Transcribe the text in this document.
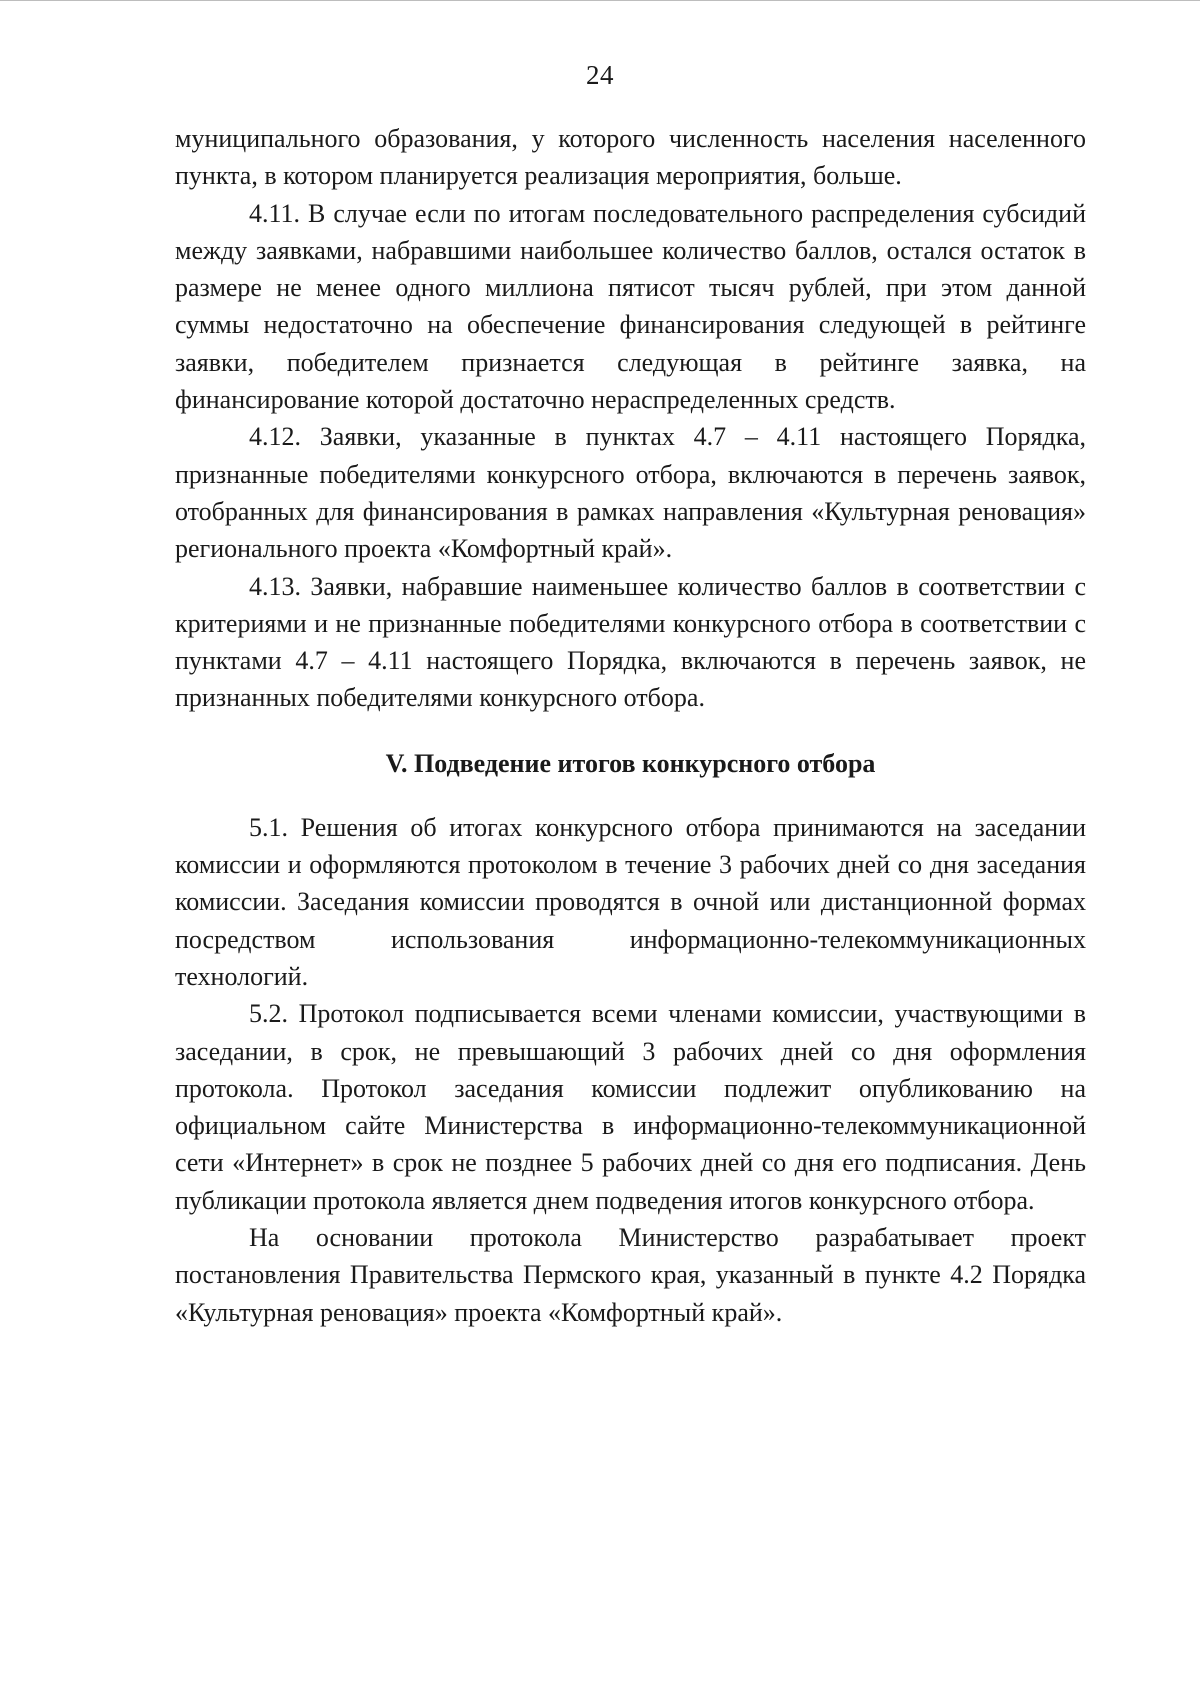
24

муниципального образования, у которого численность населения населенного пункта, в котором планируется реализация мероприятия, больше.

4.11. В случае если по итогам последовательного распределения субсидий между заявками, набравшими наибольшее количество баллов, остался остаток в размере не менее одного миллиона пятисот тысяч рублей, при этом данной суммы недостаточно на обеспечение финансирования следующей в рейтинге заявки, победителем признается следующая в рейтинге заявка, на финансирование которой достаточно нераспределенных средств.

4.12. Заявки, указанные в пунктах 4.7 – 4.11 настоящего Порядка, признанные победителями конкурсного отбора, включаются в перечень заявок, отобранных для финансирования в рамках направления «Культурная реновация» регионального проекта «Комфортный край».

4.13. Заявки, набравшие наименьшее количество баллов в соответствии с критериями и не признанные победителями конкурсного отбора в соответствии с пунктами 4.7 – 4.11 настоящего Порядка, включаются в перечень заявок, не признанных победителями конкурсного отбора.

V. Подведение итогов конкурсного отбора

5.1. Решения об итогах конкурсного отбора принимаются на заседании комиссии и оформляются протоколом в течение 3 рабочих дней со дня заседания комиссии. Заседания комиссии проводятся в очной или дистанционной формах посредством использования информационно-телекоммуникационных технологий.

5.2. Протокол подписывается всеми членами комиссии, участвующими в заседании, в срок, не превышающий 3 рабочих дней со дня оформления протокола. Протокол заседания комиссии подлежит опубликованию на официальном сайте Министерства в информационно-телекоммуникационной сети «Интернет» в срок не позднее 5 рабочих дней со дня его подписания. День публикации протокола является днем подведения итогов конкурсного отбора.

На основании протокола Министерство разрабатывает проект постановления Правительства Пермского края, указанный в пункте 4.2 Порядка «Культурная реновация» проекта «Комфортный край».
